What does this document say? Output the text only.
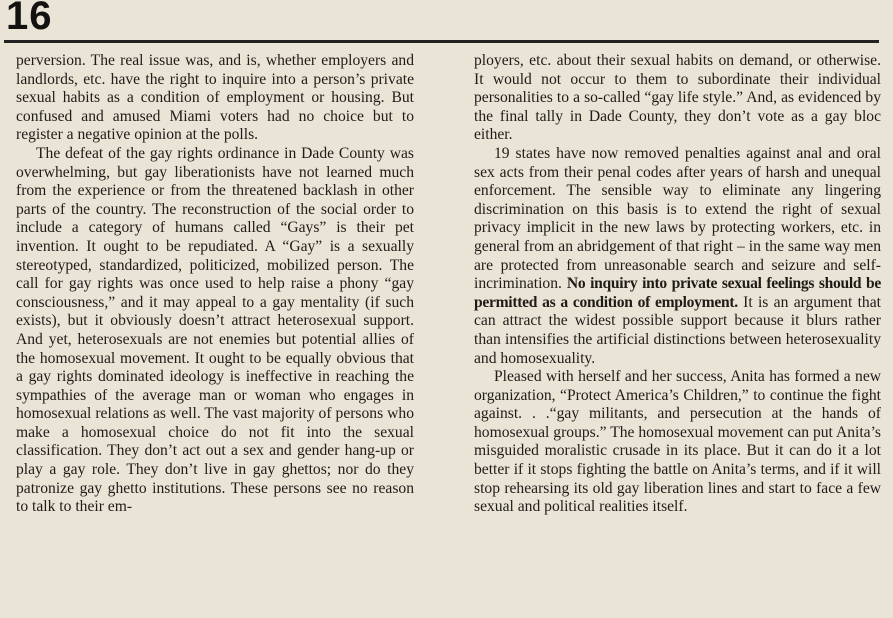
16

perversion. The real issue was, and is, whether employers and landlords, etc. have the right to inquire into a person’s private sexual habits as a condition of employment or housing. But confused and amused Miami voters had no choice but to register a negative opinion at the polls.

The defeat of the gay rights ordinance in Dade County was overwhelming, but gay liberationists have not learned much from the experience or from the threatened backlash in other parts of the country. The reconstruction of the social order to include a category of humans called “Gays” is their pet invention. It ought to be repudiated. A “Gay” is a sexually stereotyped, standardized, politicized, mobilized person. The call for gay rights was once used to help raise a phony “gay consciousness,” and it may appeal to a gay mentality (if such exists), but it obviously doesn’t attract heterosexual support. And yet, heterosexuals are not enemies but potential allies of the homosexual movement. It ought to be equally obvious that a gay rights dominated ideology is ineffective in reaching the sympathies of the average man or woman who engages in homosexual relations as well. The vast majority of persons who make a homosexual choice do not fit into the sexual classification. They don’t act out a sex and gender hang-up or play a gay role. They don’t live in gay ghettos; nor do they patronize gay ghetto institutions. These persons see no reason to talk to their em-

ployers, etc. about their sexual habits on demand, or otherwise. It would not occur to them to subordinate their individual personalities to a so-called “gay life style.” And, as evidenced by the final tally in Dade County, they don’t vote as a gay bloc either.

19 states have now removed penalties against anal and oral sex acts from their penal codes after years of harsh and unequal enforcement. The sensible way to eliminate any lingering discrimination on this basis is to extend the right of sexual privacy implicit in the new laws by protecting workers, etc. in general from an abridgement of that right – in the same way men are protected from unreasonable search and seizure and self-incrimination. No inquiry into private sexual feelings should be permitted as a condition of employment. It is an argument that can attract the widest possible support because it blurs rather than intensifies the artificial distinctions between heterosexuality and homosexuality.

Pleased with herself and her success, Anita has formed a new organization, “Protect America’s Children,” to continue the fight against. . .“gay militants, and persecution at the hands of homosexual groups.” The homosexual movement can put Anita’s misguided moralistic crusade in its place. But it can do it a lot better if it stops fighting the battle on Anita’s terms, and if it will stop rehearsing its old gay liberation lines and start to face a few sexual and political realities itself.
